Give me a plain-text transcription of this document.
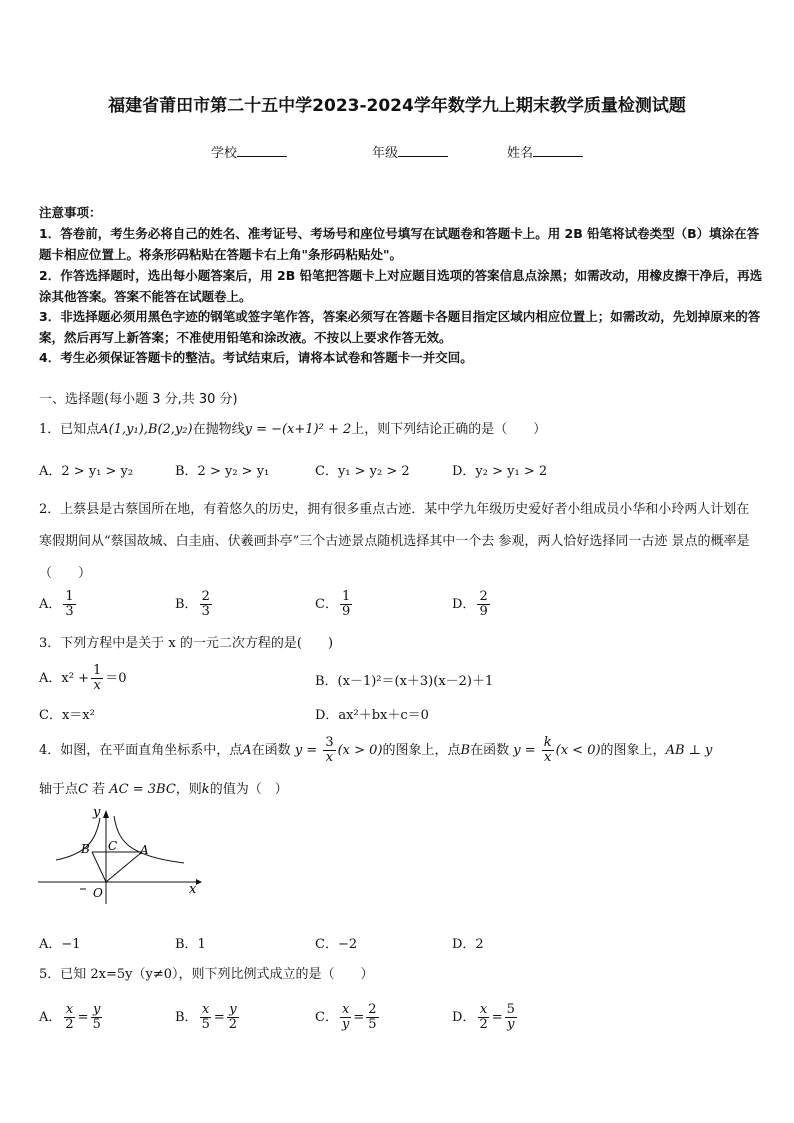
福建省莆田市第二十五中学2023-2024学年数学九上期末教学质量检测试题
学校	年级	姓名
注意事项：
1．答卷前，考生务必将自己的姓名、准考证号、考场号和座位号填写在试题卷和答题卡上。用 2B 铅笔将试卷类型（B）填涂在答题卡相应位置上。将条形码粘贴在答题卡右上角"条形码粘贴处"。
2．作答选择题时，选出每小题答案后，用 2B 铅笔把答题卡上对应题目选项的答案信息点涂黑；如需改动，用橡皮擦干净后，再选涂其他答案。答案不能答在试题卷上。
3．非选择题必须用黑色字迹的钢笔或签字笔作答，答案必须写在答题卡各题目指定区域内相应位置上；如需改动，先划掉原来的答案，然后再写上新答案；不准使用铅笔和涂改液。不按以上要求作答无效。
4．考生必须保证答题卡的整洁。考试结束后，请将本试卷和答题卡一并交回。
一、选择题(每小题 3 分,共 30 分)
1．已知点A(1,y₁),B(2,y₂)在抛物线y = −(x+1)² + 2上，则下列结论正确的是（　　）
A．2 > y₁ > y₂	B．2 > y₂ > y₁	C．y₁ > y₂ > 2	D．y₂ > y₁ > 2
2．上蔡县是古蔡国所在地，有着悠久的历史，拥有很多重点古迹．某中学九年级历史爱好者小组成员小华和小玲两人计划在寒假期间从“蔡国故城、白圭庙、伏羲画卦亭”三个古迹景点随机选择其中一个去 参观，两人恰好选择同一古迹 景点的概率是（　　）
A． $\frac{1}{3}$	B． $\frac{2}{3}$	C． $\frac{1}{9}$	D． $\frac{2}{9}$
3．下列方程中是关于 x 的一元二次方程的是(　　)
A．$x^2 + \frac{1}{x} =0$	B．(x－1)²＝(x＋3)(x－2)＋1
C．x＝x²	D．ax²＋bx＋c＝0
4．如图，在平面直角坐标系中，点A在函数 $y = \frac{3}{x} (x > 0)$的图象上，点B在函数 $y = \frac{k}{x} (x < 0)$的图象上，AB ⊥ y
轴于点C 若 AC = 3BC，则k的值为（　）
y
x
O
A
B C
A．−1	B．1	C．−2	D．2
5．已知 2x=5y（y≠0），则下列比例式成立的是（　　）
A． $\frac{x}{2} = \frac{y}{5}$	B． $\frac{x}{5} = \frac{y}{2}$	C． $\frac{x}{y} = \frac{2}{5}$	D． $\frac{x}{2} = \frac{5}{y}$
